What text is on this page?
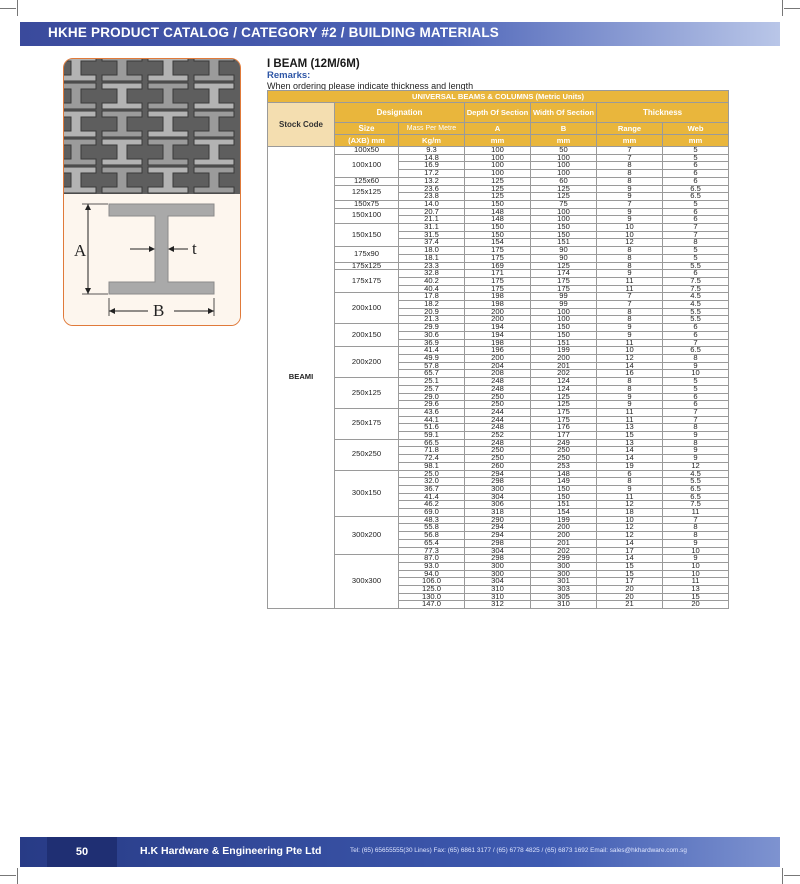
HKHE PRODUCT CATALOG / CATEGORY #2 / BUILDING MATERIALS
A
B
t
I BEAM (12M/6M)
Remarks:
When ordering please indicate thickness and length
UNIVERSAL BEAMS & COLUMNS (Metric Units)						
Stock Code	Designation		Depth Of Section	Width Of Section	Thickness	
	Size	Mass Per Metre	A	B	Range	Web
	(AXB) mm	Kg/m	mm	mm	mm	mm
BEAMI	100x50	9.3	100	50	7	5
	100x100	14.8	100	100	7	5
		16.9	100	100	8	6
		17.2	100	100	8	6
	125x60	13.2	125	60	8	6
	125x125	23.6	125	125	9	6.5
		23.8	125	125	9	6.5
	150x75	14.0	150	75	7	5
	150x100	20.7	148	100	9	6
		21.1	148	100	9	6
	150x150	31.1	150	150	10	7
		31.5	150	150	10	7
		37.4	154	151	12	8
	175x90	18.0	175	90	8	5
		18.1	175	90	8	5
	175x125	23.3	169	125	8	5.5
	175x175	32.8	171	174	9	6
		40.2	175	175	11	7.5
		40.4	175	175	11	7.5
	200x100	17.8	198	99	7	4.5
		18.2	198	99	7	4.5
		20.9	200	100	8	5.5
		21.3	200	100	8	5.5
	200x150	29.9	194	150	9	6
		30.6	194	150	9	6
		36.9	198	151	11	7
	200x200	41.4	196	199	10	6.5
		49.9	200	200	12	8
		57.8	204	201	14	9
		65.7	208	202	16	10
	250x125	25.1	248	124	8	5
		25.7	248	124	8	5
		29.0	250	125	9	6
		29.6	250	125	9	6
	250x175	43.6	244	175	11	7
		44.1	244	175	11	7
		51.6	248	176	13	8
		59.1	252	177	15	9
	250x250	66.5	248	249	13	8
		71.8	250	250	14	9
		72.4	250	250	14	9
		98.1	260	253	19	12
	300x150	25.0	294	148	6	4.5
		32.0	298	149	8	5.5
		36.7	300	150	9	6.5
		41.4	304	150	11	6.5
		46.2	306	151	12	7.5
		69.0	318	154	18	11
	300x200	48.3	290	199	10	7
		55.8	294	200	12	8
		56.8	294	200	12	8
		65.4	298	201	14	9
		77.3	304	202	17	10
	300x300	87.0	298	299	14	9
		93.0	300	300	15	10
		94.0	300	300	15	10
		106.0	304	301	17	11
		125.0	310	303	20	13
		130.0	310	305	20	15
		147.0	312	310	21	20
50	H.K Hardware & Engineering Pte Ltd	Tel: (65) 65655555(30 Lines) Fax: (65) 6861 3177 / (65) 6778 4825 / (65) 6873 1692 Email: sales@hkhardware.com.sg
